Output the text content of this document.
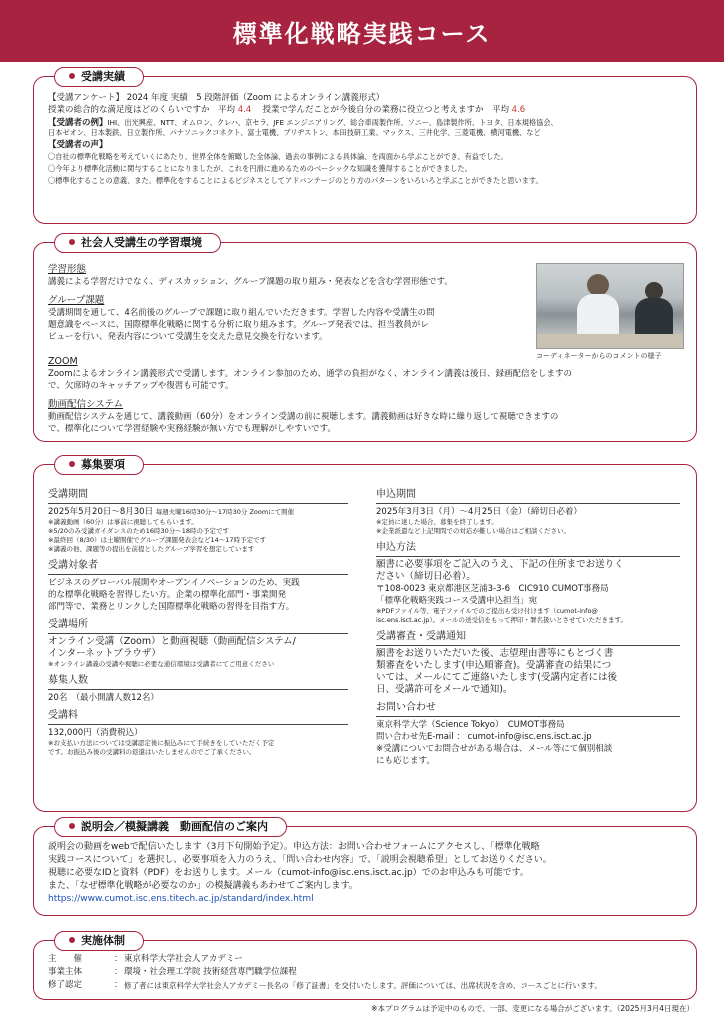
標準化戦略実践コース
受講実績
【受講アンケート】 2024 年度 実績　5 段階評価（Zoom によるオンライン講義形式）
授業の総合的な満足度はどのくらいですか　平均 4.4　 授業で学んだことが今後自分の業務に役立つと考えますか　平均 4.6
【受講者の例】IHI、出光興産、NTT、オムロン、クレハ、京セラ、JFE エンジニアリング、総合車両製作所、ソニー、島津製作所、トヨタ、日本規格協会、
日本ゼオン、日本製鉄、日立製作所、パナソニックコネクト、富士電機、ブリヂストン、本田技研工業、マックス、三井化学、三菱電機、横河電機、など
【受講者の声】
〇自社の標準化戦略を考えていくにあたり、世界全体を俯瞰した全体論、過去の事例による具体論、を両面から学ぶことができ、有益でした。
〇今年より標準化活動に関与することになりましたが、これを円滑に進めるためのベーシックな知識を獲得することができました。
〇標準化することの意義、また、標準化をすることによるビジネスとしてアドバンテージのとり方のパターンをいろいろと学ぶことができたと思います。
社会人受講生の学習環境
学習形態
講義による学習だけでなく、ディスカッション、グループ課題の取り組み・発表などを含む学習形態です。
グループ課題
受講期間を通して、4名前後のグループで課題に取り組んでいただきます。学習した内容や受講生の問
題意識をベースに、国際標準化戦略に関する分析に取り組みます。グループ発表では、担当教員がレ
ビューを行い、発表内容について受講生を交えた意見交換を行ないます。
ZOOM
Zoomによるオンライン講義形式で受講します。オンライン参加のため、通学の負担がなく、オンライン講義は後日、録画配信をしますの
で、欠席時のキャッチアップや復習も可能です。
動画配信システム
動画配信システムを通じて、講義動画（60分）をオンライン受講の前に視聴します。講義動画は好きな時に繰り返して視聴できますの
で、標準化について学習経験や実務経験が無い方でも理解がしやすいです。
コーディネーターからのコメントの様子
募集要項
受講期間
2025年5月20日～8月30日 毎週火曜16時30分～17時30分 Zoomにて開催
※講義動画（60分）は事前に視聴してもらいます。
※5/20のみ受講ガイダンスのため16時30分～18時の予定です
※最終回（8/30）は土曜開催でグループ課題発表会など14～17時予定です
※講義の他、課題等の提出を前提としたグループ学習を想定しています
受講対象者
ビジネスのグローバル展開やオープンイノベーションのため、実践
的な標準化戦略を習得したい方。企業の標準化部門・事業開発
部門等で、業務とリンクした国際標準化戦略の習得を目指す方。
受講場所
オンライン受講（Zoom）と動画視聴（動画配信システム/
インターネットブラウザ）
※オンライン講義の受講や視聴に必要な通信環境は受講者にてご用意ください
募集人数
20名　（最小開講人数12名）
受講料
132,000円（消費税込）
※お支払い方法については受講認定後に振込みにて手続きをしていただく予定
です。お振込み後の受講料の返還はいたしませんのでご了承ください。
申込期間
2025年3月3日（月）～4月25日（金）（締切日必着）
※定員に達した場合、募集を終了します。
※企業派遣など上記期間での対応が難しい場合はご相談ください。
申込方法
願書に必要事項をご記入のうえ、下記の住所までお送りく
ださい（締切日必着）。
〒108-0023 東京都港区芝浦3-3-6　CIC910 CUMOT事務局
「標準化戦略実践コース受講申込担当」宛
※PDFファイル等、電子ファイルでのご提出も受け付けます（cumot-info@
isc.ens.isct.ac.jp）。メールの送受信をもって押印・署名扱いとさせていただきます。
受講審査・受講通知
願書をお送りいただいた後、志望理由書等にもとづく書
類審査をいたします(申込順審査)。受講審査の結果につ
いては、メールにてご連絡いたします(受講内定者には後
日、受講許可をメールで通知)。
お問い合わせ
東京科学大学（Science Tokyo）　CUMOT事務局
問い合わせ先E-mail ： cumot-info@isc.ens.isct.ac.jp
※受講についてお問合せがある場合は、メール等にて個別相談
にも応じます。
説明会／模擬講義　動画配信のご案内
説明会の動画をwebで配信いたします（3月下旬開始予定）。申込方法：お問い合わせフォームにアクセスし、「標準化戦略
実践コースについて」を選択し、必要事項を入力のうえ、「問い合わせ内容」で、「説明会視聴希望」としてお送りください。
視聴に必要なIDと資料（PDF）をお送りします。メール（cumot-info@isc.ens.isct.ac.jp）でのお申込みも可能です。
また、「なぜ標準化戦略が必要なのか」の模擬講義もあわせてご案内します。
https://www.cumot.isc.ens.titech.ac.jp/standard/index.html
実施体制
主　　催	： 東京科学大学社会人アカデミー
事業主体	： 環境・社会理工学院 技術経営専門職学位課程
修了認定	： 修了者には東京科学大学社会人アカデミー長名の「修了証書」を交付いたします。評価については、出席状況を含め、コースごとに行います。
※本プログラムは予定中のもので、一部、変更になる場合がございます。（2025月3月4日現在）
